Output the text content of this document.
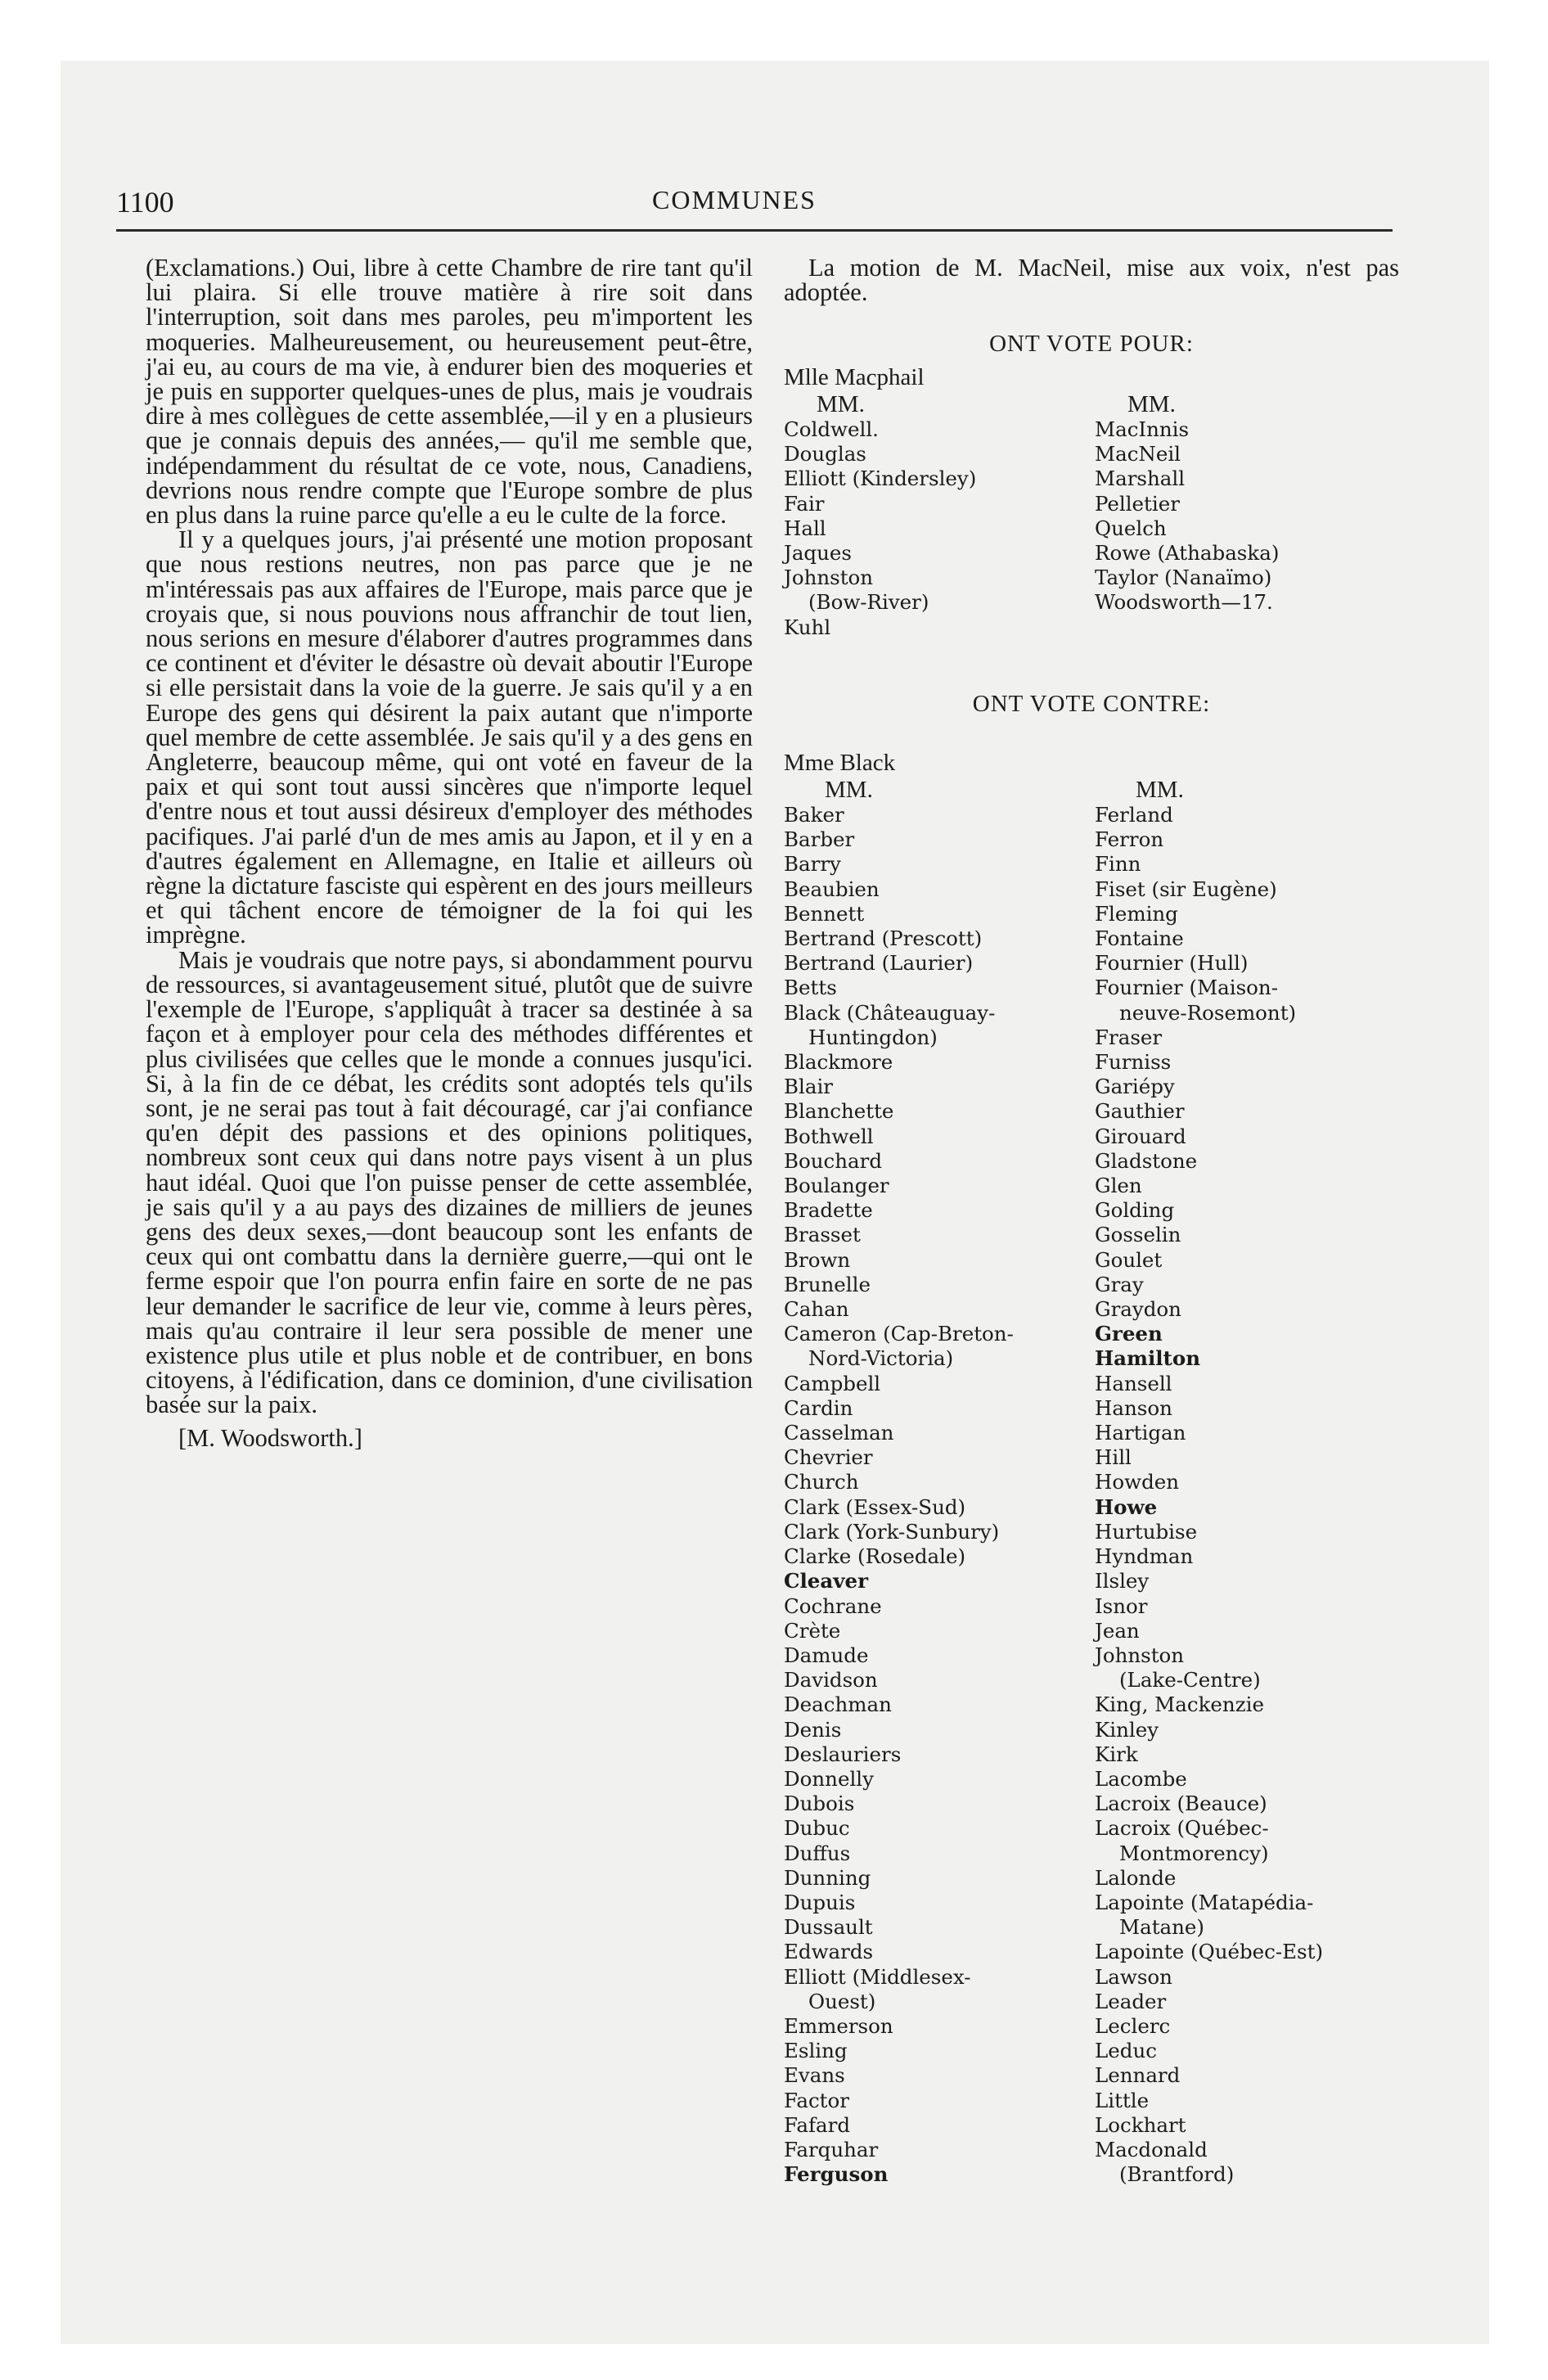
1100	COMMUNES

(Exclamations.) Oui, libre à cette Chambre de rire tant qu'il lui plaira. Si elle trouve matière à rire soit dans l'interruption, soit dans mes paroles, peu m'importent les moqueries. Malheureusement, ou heureusement peut-être, j'ai eu, au cours de ma vie, à endurer bien des moqueries et je puis en supporter quelques-unes de plus, mais je voudrais dire à mes collègues de cette assemblée,—il y en a plusieurs que je connais depuis des années,— qu'il me semble que, indépendamment du résultat de ce vote, nous, Canadiens, devrions nous rendre compte que l'Europe sombre de plus en plus dans la ruine parce qu'elle a eu le culte de la force.

Il y a quelques jours, j'ai présenté une motion proposant que nous restions neutres, non pas parce que je ne m'intéressais pas aux affaires de l'Europe, mais parce que je croyais que, si nous pouvions nous affranchir de tout lien, nous serions en mesure d'élaborer d'autres programmes dans ce continent et d'éviter le désastre où devait aboutir l'Europe si elle persistait dans la voie de la guerre. Je sais qu'il y a en Europe des gens qui désirent la paix autant que n'importe quel membre de cette assemblée. Je sais qu'il y a des gens en Angleterre, beaucoup même, qui ont voté en faveur de la paix et qui sont tout aussi sincères que n'importe lequel d'entre nous et tout aussi désireux d'employer des méthodes pacifiques. J'ai parlé d'un de mes amis au Japon, et il y en a d'autres également en Allemagne, en Italie et ailleurs où règne la dictature fasciste qui espèrent en des jours meilleurs et qui tâchent encore de témoigner de la foi qui les imprègne.

Mais je voudrais que notre pays, si abondamment pourvu de ressources, si avantageusement situé, plutôt que de suivre l'exemple de l'Europe, s'appliquât à tracer sa destinée à sa façon et à employer pour cela des méthodes différentes et plus civilisées que celles que le monde a connues jusqu'ici. Si, à la fin de ce débat, les crédits sont adoptés tels qu'ils sont, je ne serai pas tout à fait découragé, car j'ai confiance qu'en dépit des passions et des opinions politiques, nombreux sont ceux qui dans notre pays visent à un plus haut idéal. Quoi que l'on puisse penser de cette assemblée, je sais qu'il y a au pays des dizaines de milliers de jeunes gens des deux sexes,—dont beaucoup sont les enfants de ceux qui ont combattu dans la dernière guerre,—qui ont le ferme espoir que l'on pourra enfin faire en sorte de ne pas leur demander le sacrifice de leur vie, comme à leurs pères, mais qu'au contraire il leur sera possible de mener une existence plus utile et plus noble et de contribuer, en bons citoyens, à l'édification, dans ce dominion, d'une civilisation basée sur la paix.

[M. Woodsworth.]

La motion de M. MacNeil, mise aux voix, n'est pas adoptée.
ONT VOTE POUR:
Mlle Macphail
MM.
Coldwell.
Douglas
Elliott (Kindersley)
Fair
Hall
Jaques
Johnston
(Bow-River)
Kuhl
MM.
MacInnis
MacNeil
Marshall
Pelletier
Quelch
Rowe (Athabaska)
Taylor (Nanaïmo)
Woodsworth—17.
ONT VOTE CONTRE:
Mme Black
MM.
Baker
Barber
Barry
Beaubien
Bennett
Bertrand (Prescott)
Bertrand (Laurier)
Betts
Black (Châteauguay-
Huntingdon)
Blackmore
Blair
Blanchette
Bothwell
Bouchard
Boulanger
Bradette
Brasset
Brown
Brunelle
Cahan
Cameron (Cap-Breton-
Nord-Victoria)
Campbell
Cardin
Casselman
Chevrier
Church
Clark (Essex-Sud)
Clark (York-Sunbury)
Clarke (Rosedale)
Cleaver
Cochrane
Crète
Damude
Davidson
Deachman
Denis
Deslauriers
Donnelly
Dubois
Dubuc
Duffus
Dunning
Dupuis
Dussault
Edwards
Elliott (Middlesex-
Ouest)
Emmerson
Esling
Evans
Factor
Fafard
Farquhar
Ferguson
MM.
Ferland
Ferron
Finn
Fiset (sir Eugène)
Fleming
Fontaine
Fournier (Hull)
Fournier (Maison-
neuve-Rosemont)
Fraser
Furniss
Gariépy
Gauthier
Girouard
Gladstone
Glen
Golding
Gosselin
Goulet
Gray
Graydon
Green
Hamilton
Hansell
Hanson
Hartigan
Hill
Howden
Howe
Hurtubise
Hyndman
Ilsley
Isnor
Jean
Johnston
(Lake-Centre)
King, Mackenzie
Kinley
Kirk
Lacombe
Lacroix (Beauce)
Lacroix (Québec-
Montmorency)
Lalonde
Lapointe (Matapédia-
Matane)
Lapointe (Québec-Est)
Lawson
Leader
Leclerc
Leduc
Lennard
Little
Lockhart
Macdonald
(Brantford)
